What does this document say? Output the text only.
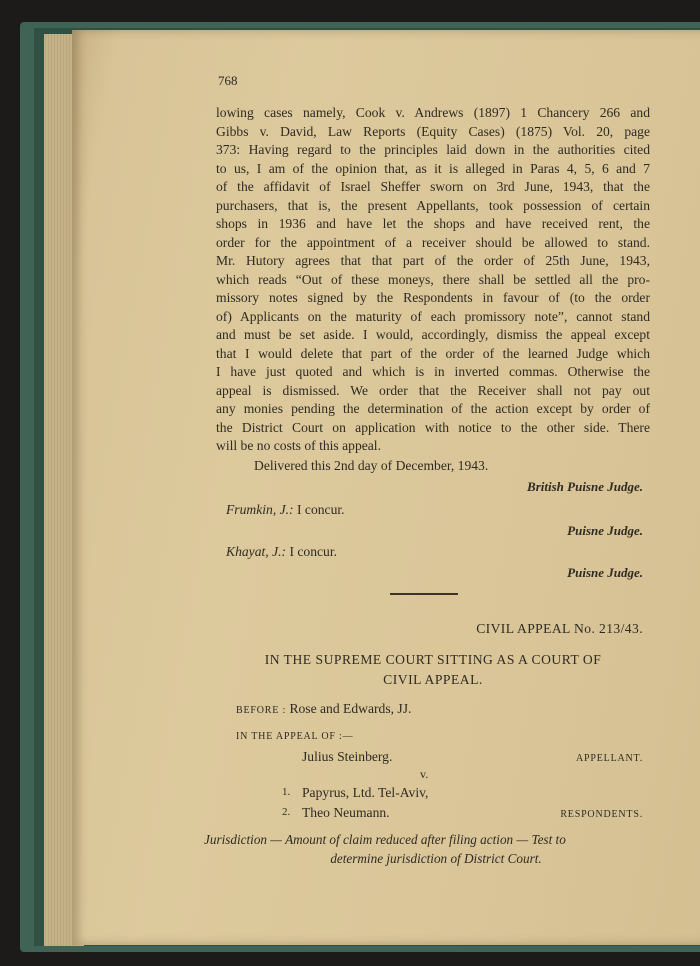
768
lowing cases namely, Cook v. Andrews (1897) 1 Chancery 266 and
Gibbs v. David, Law Reports (Equity Cases) (1875) Vol. 20, page
373: Having regard to the principles laid down in the authorities cited
to us, I am of the opinion that, as it is alleged in Paras 4, 5, 6 and 7
of the affidavit of Israel Sheffer sworn on 3rd June, 1943, that the
purchasers, that is, the present Appellants, took possession of certain
shops in 1936 and have let the shops and have received rent, the
order for the appointment of a receiver should be allowed to stand.
Mr. Hutory agrees that that part of the order of 25th June, 1943,
which reads “Out of these moneys, there shall be settled all the pro-
missory notes signed by the Respondents in favour of (to the order
of) Applicants on the maturity of each promissory note”, cannot stand
and must be set aside. I would, accordingly, dismiss the appeal except
that I would delete that part of the order of the learned Judge which
I have just quoted and which is in inverted commas. Otherwise the
appeal is dismissed. We order that the Receiver shall not pay out
any monies pending the determination of the action except by order of
the District Court on application with notice to the other side. There
will be no costs of this appeal.
Delivered this 2nd day of December, 1943.
British Puisne Judge.
Frumkin, J.: I concur.
Puisne Judge.
Khayat, J.: I concur.
Puisne Judge.
CIVIL APPEAL No. 213/43.
IN THE SUPREME COURT SITTING AS A COURT OF
CIVIL APPEAL.
BEFORE : Rose and Edwards, JJ.
IN THE APPEAL OF :—
Julius Steinberg.	APPELLANT.
v.
1. Papyrus, Ltd. Tel-Aviv,
2. Theo Neumann.	RESPONDENTS.
Jurisdiction — Amount of claim reduced after filing action — Test to
determine jurisdiction of District Court.
